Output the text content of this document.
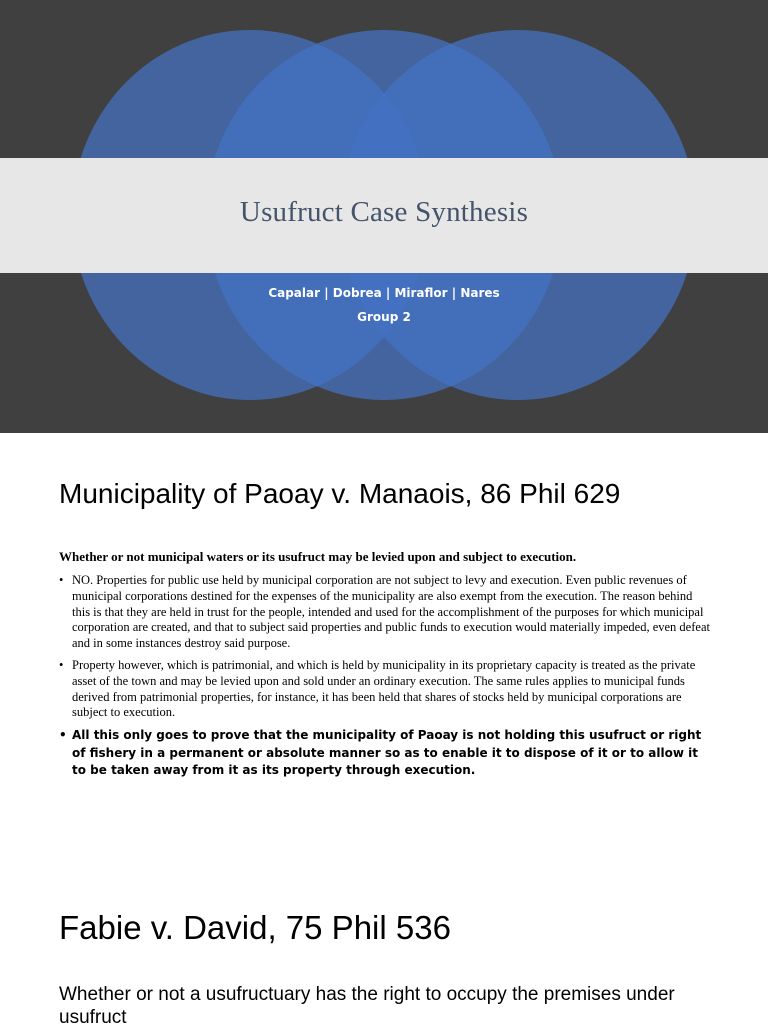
Usufruct Case Synthesis
Capalar | Dobrea | Miraflor | Nares
Group 2
Municipality of Paoay v. Manaois, 86 Phil 629
Whether or not municipal waters or its usufruct may be levied upon and subject to execution.
• NO. Properties for public use held by municipal corporation are not subject to levy and execution. Even public revenues of municipal corporations destined for the expenses of the municipality are also exempt from the execution. The reason behind this is that they are held in trust for the people, intended and used for the accomplishment of the purposes for which municipal corporation are created, and that to subject said properties and public funds to execution would materially impeded, even defeat and in some instances destroy said purpose.
• Property however, which is patrimonial, and which is held by municipality in its proprietary capacity is treated as the private asset of the town and may be levied upon and sold under an ordinary execution. The same rules applies to municipal funds derived from patrimonial properties, for instance, it has been held that shares of stocks held by municipal corporations are subject to execution.
• All this only goes to prove that the municipality of Paoay is not holding this usufruct or right of fishery in a permanent or absolute manner so as to enable it to dispose of it or to allow it to be taken away from it as its property through execution.
Fabie v. David, 75 Phil 536
Whether or not a usufructuary has the right to occupy the premises under usufruct
